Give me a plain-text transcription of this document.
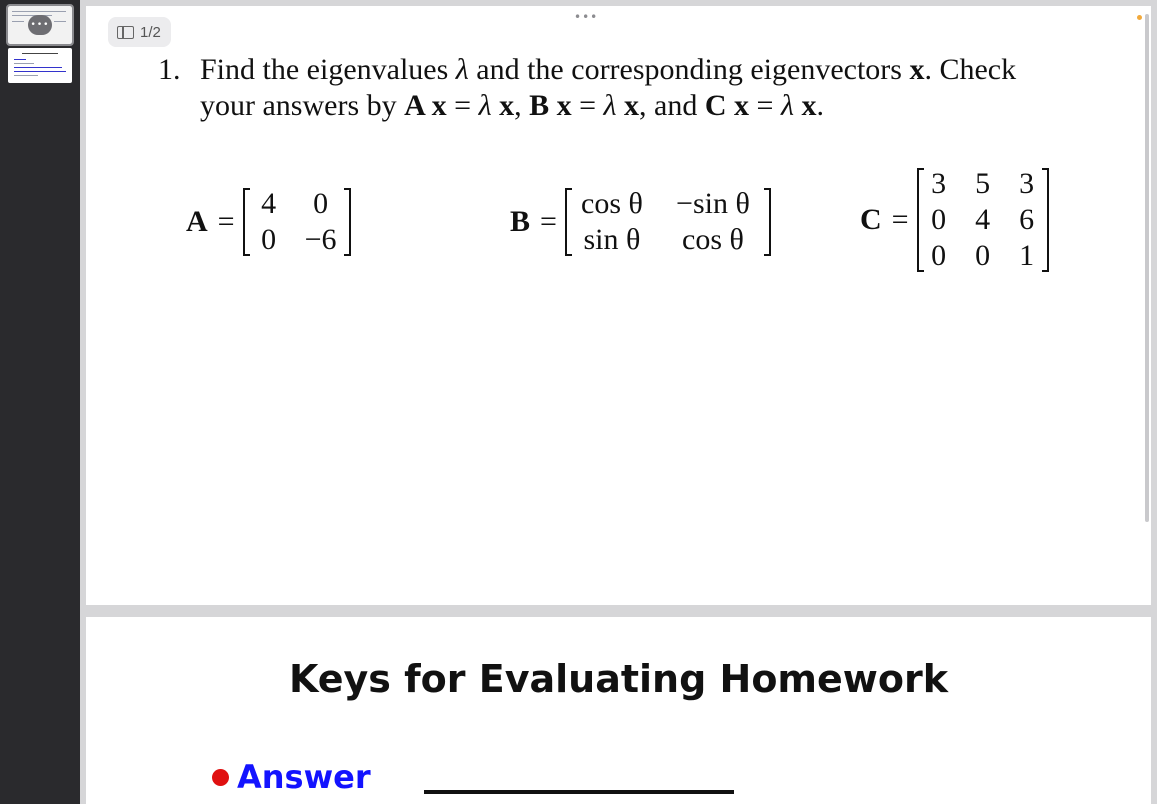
•••
•••
1/2
1. Find the eigenvalues λ and the corresponding eigenvectors x. Check
your answers by A x = λ x, B x = λ x, and C x = λ x.
A =
4	0
0	−6
B =
cos θ	−sin θ
sin θ	cos θ
C =
3	5	3
0	4	6
0	0	1
Keys for Evaluating Homework
Answer
